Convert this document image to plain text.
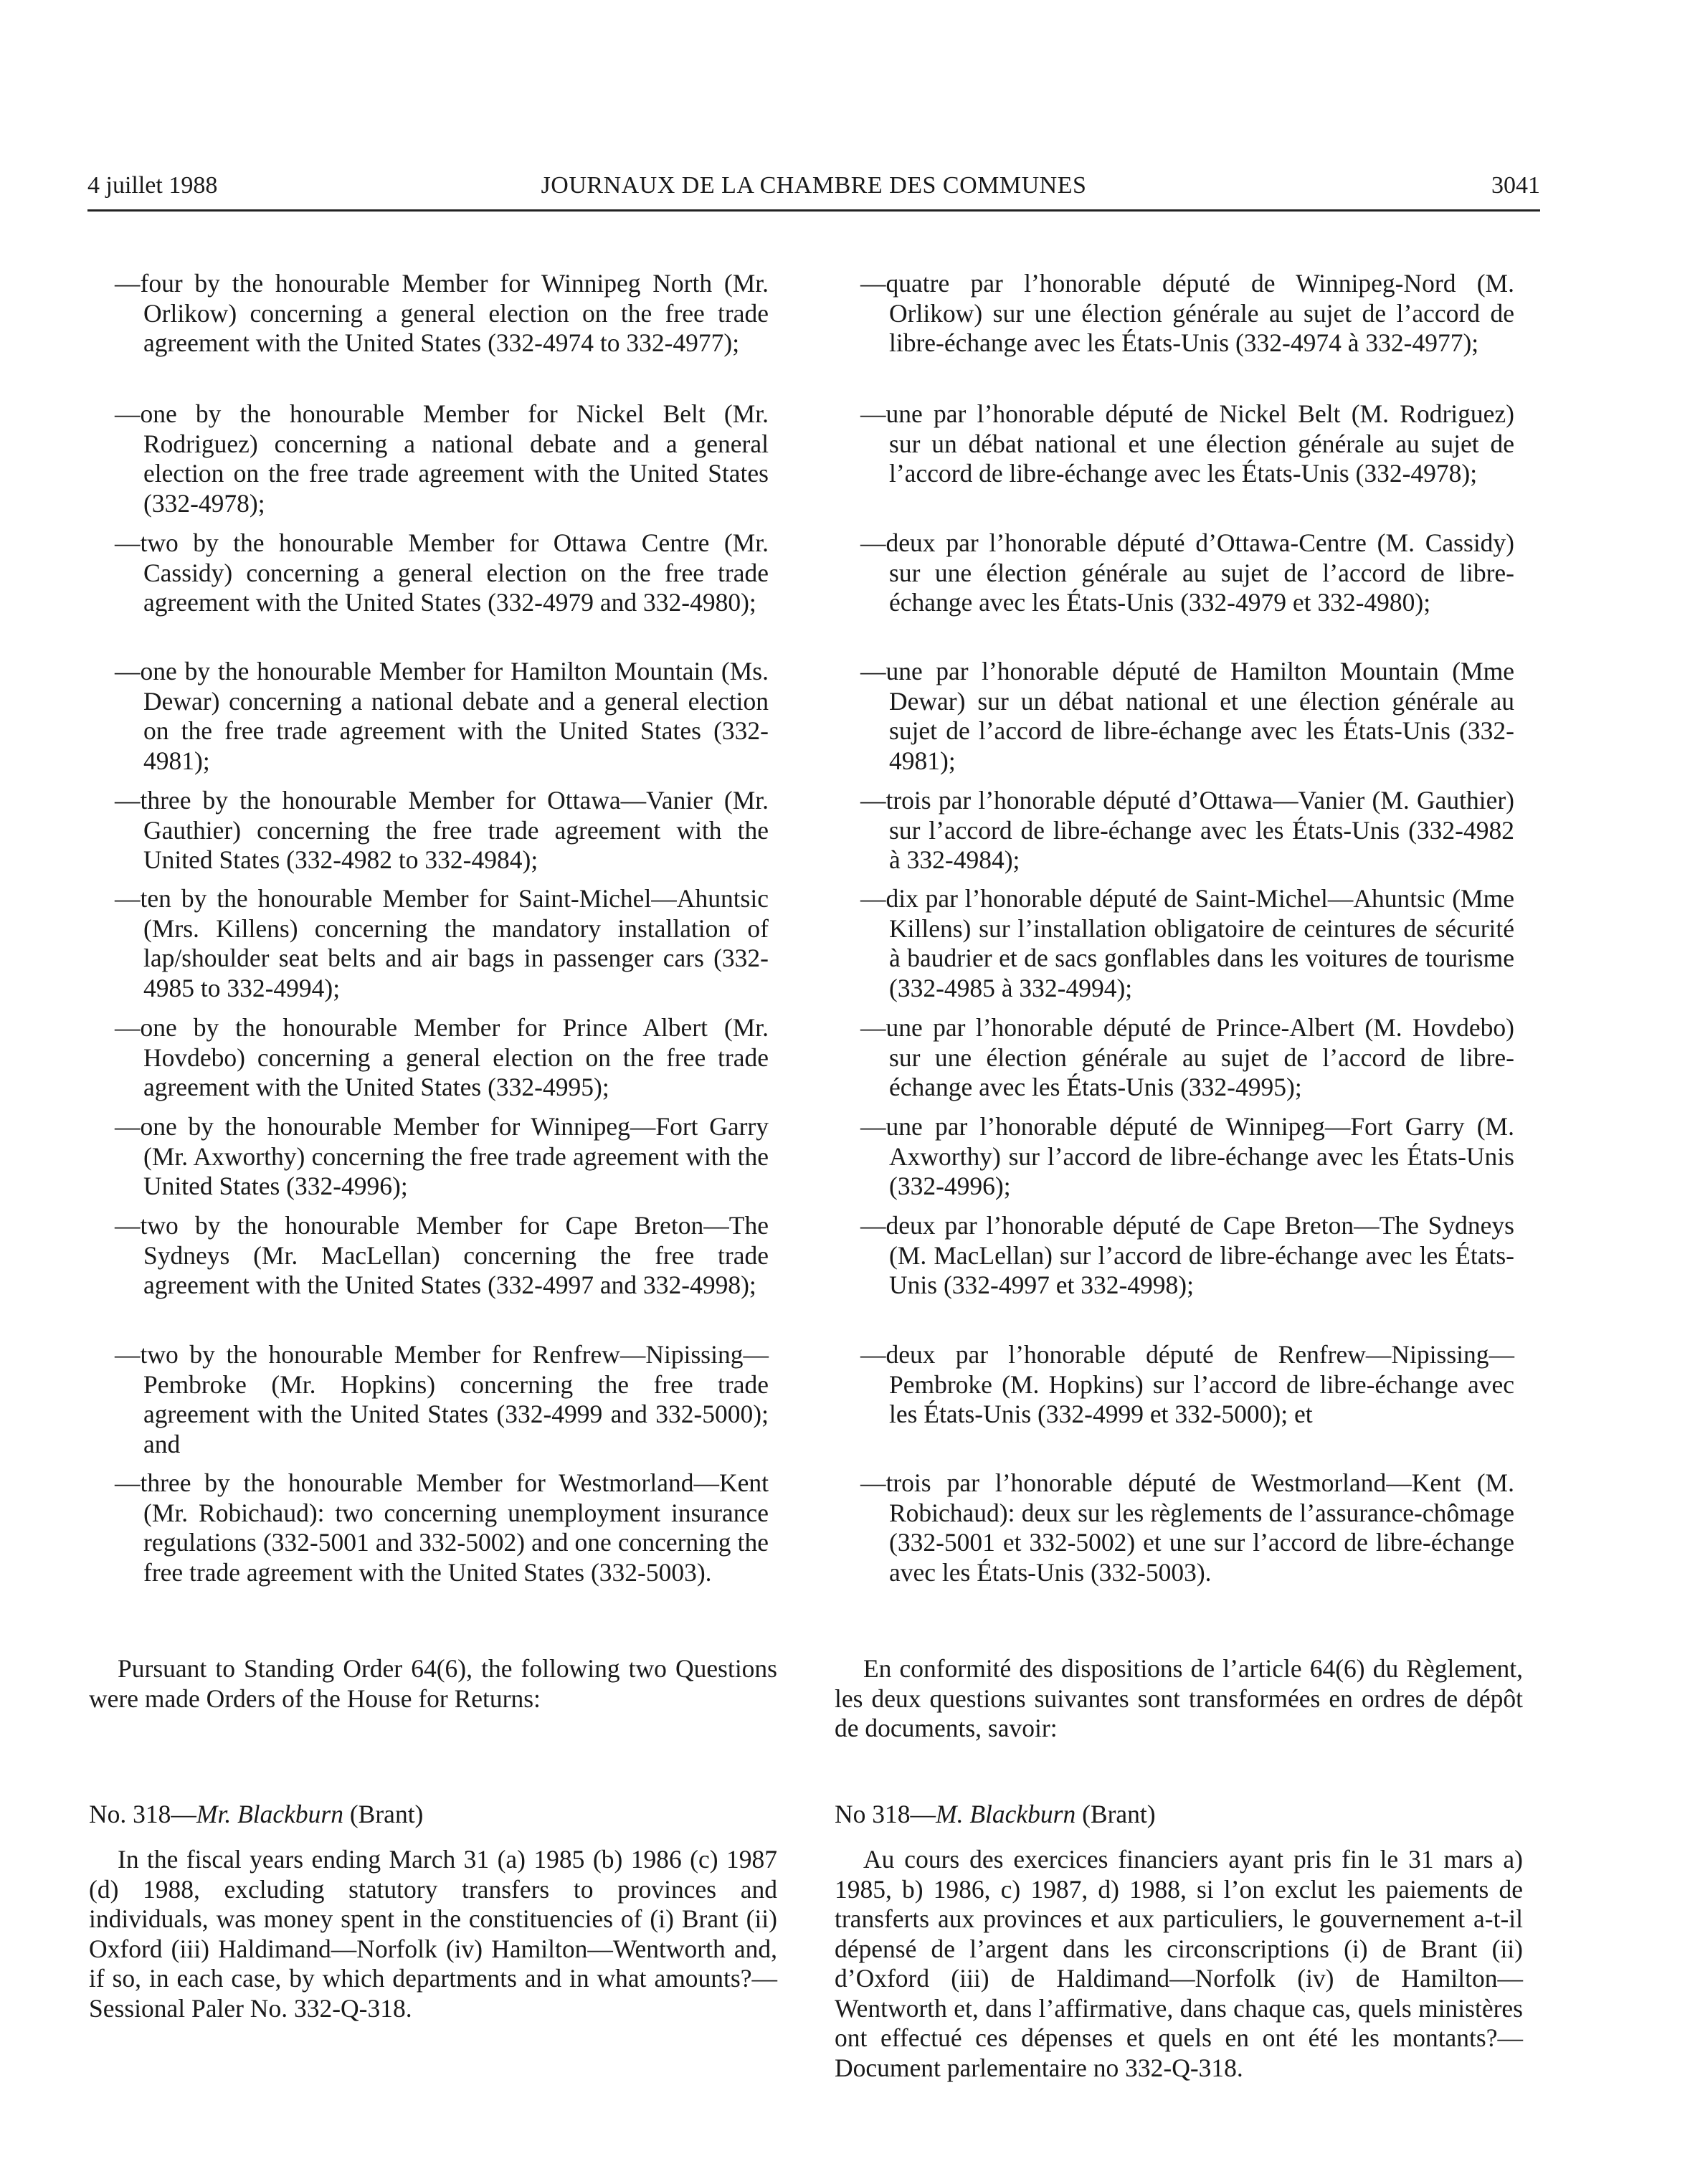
4 juillet 1988	JOURNAUX DE LA CHAMBRE DES COMMUNES	3041

—four by the honourable Member for Winnipeg North (Mr. Orlikow) concerning a general election on the free trade agreement with the United States (332-4974 to 332-4977);

—one by the honourable Member for Nickel Belt (Mr. Rodriguez) concerning a national debate and a general election on the free trade agreement with the United States (332-4978);

—two by the honourable Member for Ottawa Centre (Mr. Cassidy) concerning a general election on the free trade agreement with the United States (332-4979 and 332-4980);

—one by the honourable Member for Hamilton Mountain (Ms. Dewar) concerning a national debate and a general election on the free trade agreement with the United States (332-4981);

—three by the honourable Member for Ottawa—Vanier (Mr. Gauthier) concerning the free trade agreement with the United States (332-4982 to 332-4984);

—ten by the honourable Member for Saint-Michel—Ahuntsic (Mrs. Killens) concerning the mandatory installation of lap/shoulder seat belts and air bags in passenger cars (332-4985 to 332-4994);

—one by the honourable Member for Prince Albert (Mr. Hovdebo) concerning a general election on the free trade agreement with the United States (332-4995);

—one by the honourable Member for Winnipeg—Fort Garry (Mr. Axworthy) concerning the free trade agreement with the United States (332-4996);

—two by the honourable Member for Cape Breton—The Sydneys (Mr. MacLellan) concerning the free trade agreement with the United States (332-4997 and 332-4998);

—two by the honourable Member for Renfrew—Nipissing—Pembroke (Mr. Hopkins) concerning the free trade agreement with the United States (332-4999 and 332-5000); and

—three by the honourable Member for Westmorland—Kent (Mr. Robichaud): two concerning unemployment insurance regulations (332-5001 and 332-5002) and one concerning the free trade agreement with the United States (332-5003).

Pursuant to Standing Order 64(6), the following two Questions were made Orders of the House for Returns:

No. 318—Mr. Blackburn (Brant)

In the fiscal years ending March 31 (a) 1985 (b) 1986 (c) 1987 (d) 1988, excluding statutory transfers to provinces and individuals, was money spent in the constituencies of (i) Brant (ii) Oxford (iii) Haldimand—Norfolk (iv) Hamilton—Wentworth and, if so, in each case, by which departments and in what amounts?—Sessional Paler No. 332-Q-318.

—quatre par l’honorable député de Winnipeg-Nord (M. Orlikow) sur une élection générale au sujet de l’accord de libre-échange avec les États-Unis (332-4974 à 332-4977);

—une par l’honorable député de Nickel Belt (M. Rodriguez) sur un débat national et une élection générale au sujet de l’accord de libre-échange avec les États-Unis (332-4978);

—deux par l’honorable député d’Ottawa-Centre (M. Cassidy) sur une élection générale au sujet de l’accord de libre-échange avec les États-Unis (332-4979 et 332-4980);

—une par l’honorable député de Hamilton Mountain (Mme Dewar) sur un débat national et une élection générale au sujet de l’accord de libre-échange avec les États-Unis (332-4981);

—trois par l’honorable député d’Ottawa—Vanier (M. Gauthier) sur l’accord de libre-échange avec les États-Unis (332-4982 à 332-4984);

—dix par l’honorable député de Saint-Michel—Ahuntsic (Mme Killens) sur l’installation obligatoire de ceintures de sécurité à baudrier et de sacs gonflables dans les voitures de tourisme (332-4985 à 332-4994);

—une par l’honorable député de Prince-Albert (M. Hovdebo) sur une élection générale au sujet de l’accord de libre-échange avec les États-Unis (332-4995);

—une par l’honorable député de Winnipeg—Fort Garry (M. Axworthy) sur l’accord de libre-échange avec les États-Unis (332-4996);

—deux par l’honorable député de Cape Breton—The Sydneys (M. MacLellan) sur l’accord de libre-échange avec les États-Unis (332-4997 et 332-4998);

—deux par l’honorable député de Renfrew—Nipissing—Pembroke (M. Hopkins) sur l’accord de libre-échange avec les États-Unis (332-4999 et 332-5000); et

—trois par l’honorable député de Westmorland—Kent (M. Robichaud): deux sur les règlements de l’assurance-chômage (332-5001 et 332-5002) et une sur l’accord de libre-échange avec les États-Unis (332-5003).

En conformité des dispositions de l’article 64(6) du Règlement, les deux questions suivantes sont transformées en ordres de dépôt de documents, savoir:

No 318—M. Blackburn (Brant)

Au cours des exercices financiers ayant pris fin le 31 mars a) 1985, b) 1986, c) 1987, d) 1988, si l’on exclut les paiements de transferts aux provinces et aux particuliers, le gouvernement a-t-il dépensé de l’argent dans les circonscriptions (i) de Brant (ii) d’Oxford (iii) de Haldimand—Norfolk (iv) de Hamilton—Wentworth et, dans l’affirmative, dans chaque cas, quels ministères ont effectué ces dépenses et quels en ont été les montants?—Document parlementaire no 332-Q-318.
